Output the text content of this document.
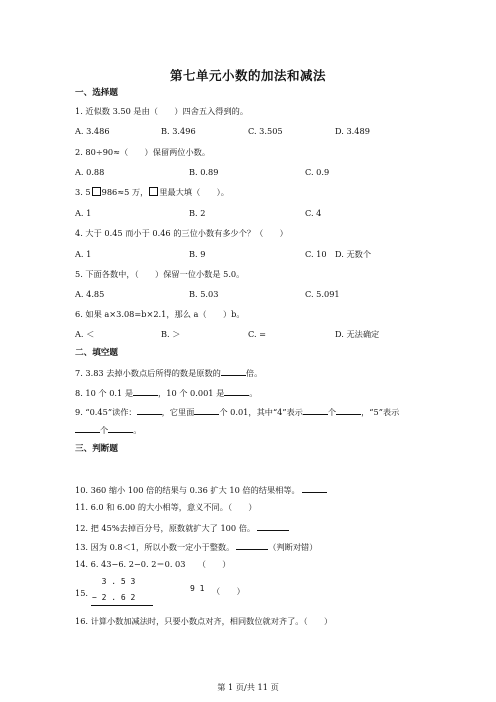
第七单元小数的加法和减法
一、选择题
1. 近似数 3.50 是由（　　）四舍五入得到的。
A. 3.486	B. 3.496	C. 3.505	D. 3.489
2. 80÷90≈（　　）保留两位小数。
A. 0.88	B. 0.89	C. 0.9
3. 5 986≈5 万， 里最大填（　　）。
A. 1	B. 2	C. 4
4. 大于 0.45 而小于 0.46 的三位小数有多少个？（　　）
A. 1	B. 9	C. 10 D. 无数个
5. 下面各数中，（　　）保留一位小数是 5.0。
A. 4.85	B. 5.03	C. 5.091
6. 如果 a×3.08=b×2.1，那么 a（　　）b。
A. ＜	B. ＞	C. =	D. 无法确定
二、填空题
7. 3.83 去掉小数点后所得的数是原数的	倍。
8. 10 个 0.1 是	，10 个 0.001 是	。
9. “0.45”读作：	，它里面	个 0.01，其中“4”表示	个	，“5”表示
个	。
三、判断题
10. 360 缩小 100 倍的结果与 0.36 扩大 10 倍的结果相等。
11. 6.0 和 6.00 的大小相等，意义不同。（　　）
12. 把 45%去掉百分号，原数就扩大了 100 倍。
13. 因为 0.8＜1，所以小数一定小于整数。	（判断对错）
14. 6. 43−6. 2−0. 2＝0. 03　　（　　）
15.
3 . 5 3
− 2 . 6 2
9 1 （　　）
16. 计算小数加减法时，只要小数点对齐，相同数位就对齐了。（　　）
第 1 页/共 11 页
